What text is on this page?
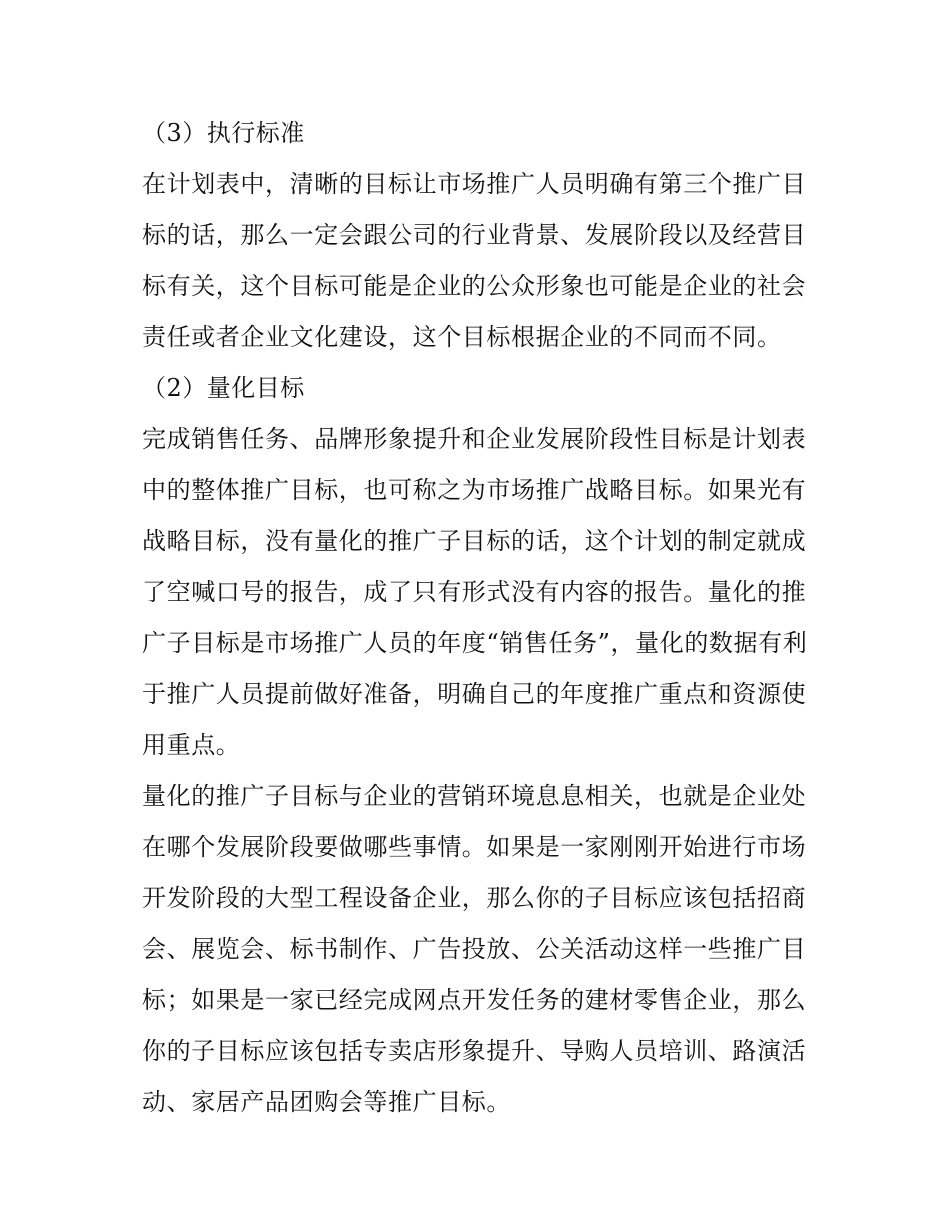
（3）执行标准
在计划表中，清晰的目标让市场推广人员明确有第三个推广目
标的话，那么一定会跟公司的行业背景、发展阶段以及经营目
标有关，这个目标可能是企业的公众形象也可能是企业的社会
责任或者企业文化建设，这个目标根据企业的不同而不同。
（2）量化目标
完成销售任务、品牌形象提升和企业发展阶段性目标是计划表
中的整体推广目标，也可称之为市场推广战略目标。如果光有
战略目标，没有量化的推广子目标的话，这个计划的制定就成
了空喊口号的报告，成了只有形式没有内容的报告。量化的推
广子目标是市场推广人员的年度“销售任务”，量化的数据有利
于推广人员提前做好准备，明确自己的年度推广重点和资源使
用重点。
量化的推广子目标与企业的营销环境息息相关，也就是企业处
在哪个发展阶段要做哪些事情。如果是一家刚刚开始进行市场
开发阶段的大型工程设备企业，那么你的子目标应该包括招商
会、展览会、标书制作、广告投放、公关活动这样一些推广目
标；如果是一家已经完成网点开发任务的建材零售企业，那么
你的子目标应该包括专卖店形象提升、导购人员培训、路演活
动、家居产品团购会等推广目标。
